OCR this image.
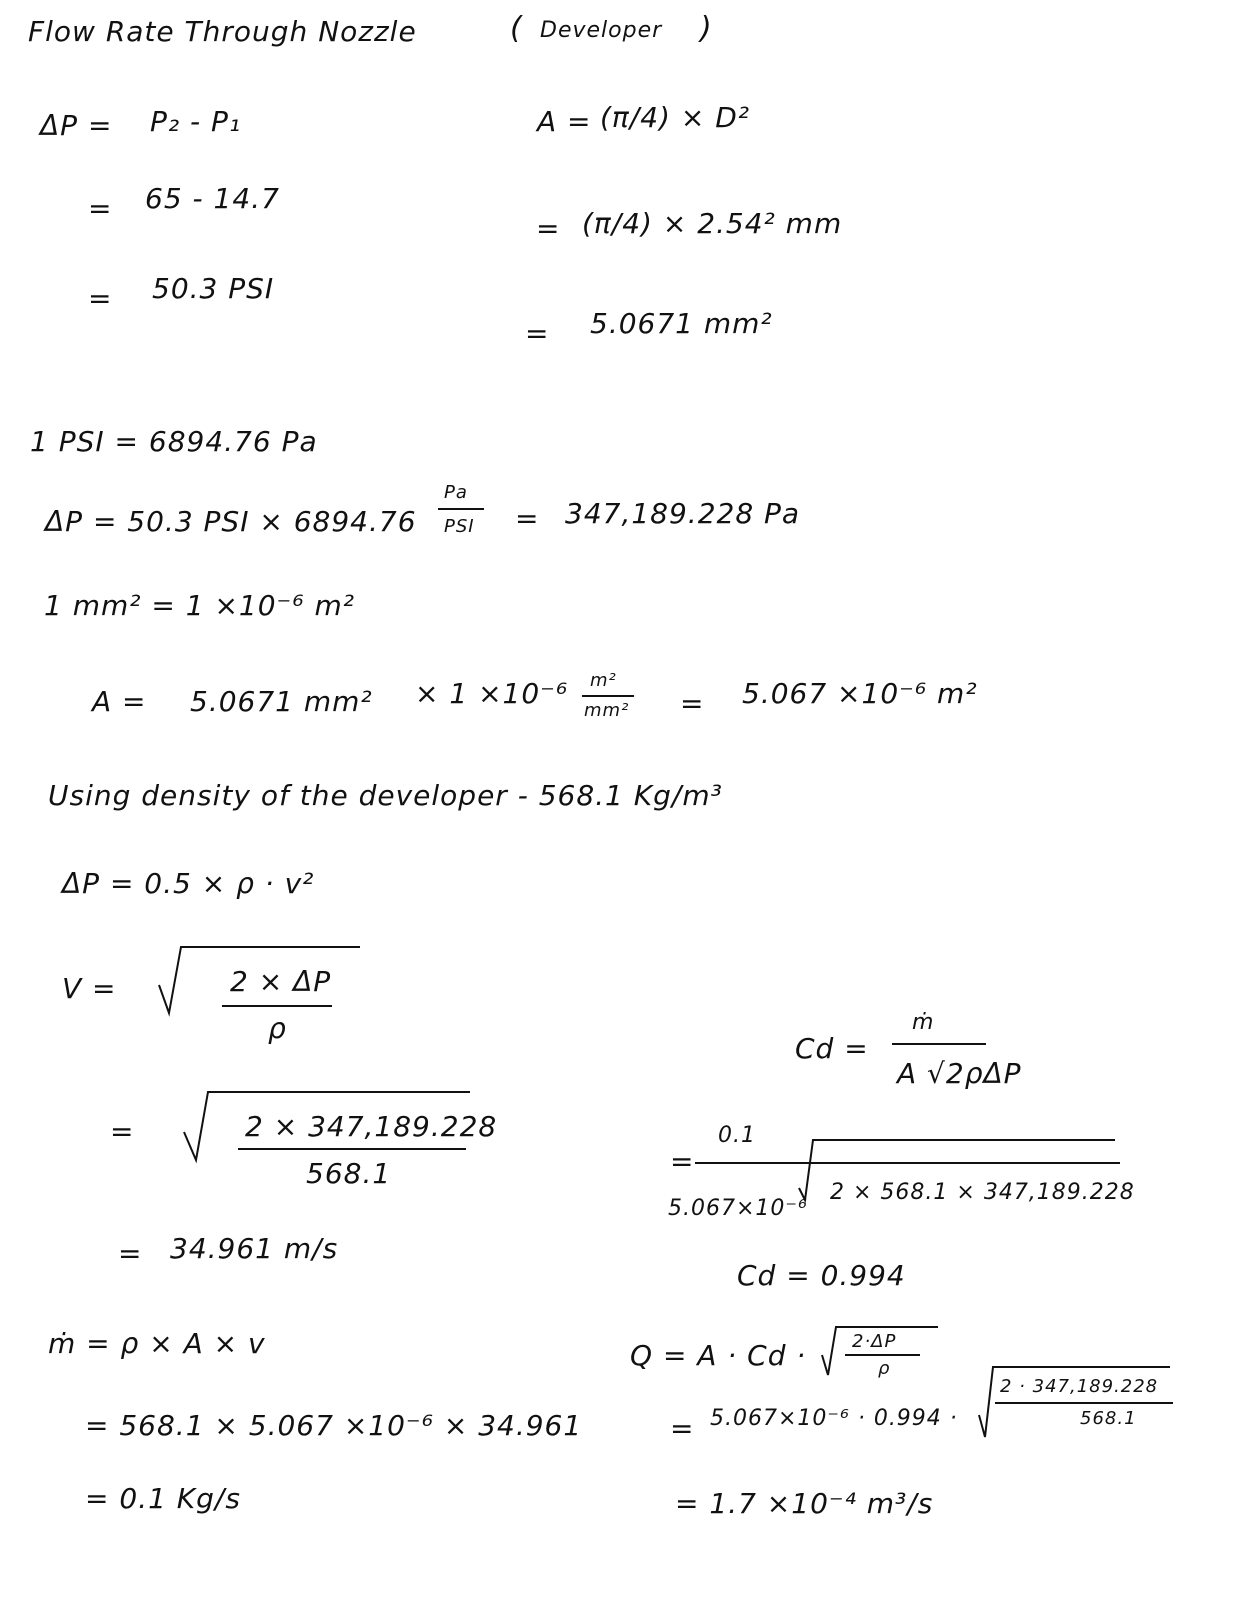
Flow Rate Through Nozzle	( Developer )
ΔP = P₂ - P₁
= 65 - 14.7
= 50.3 PSI
A = (π/4) × D²
= (π/4) × 2.54² mm
= 5.0671 mm²
1 PSI = 6894.76 Pa
ΔP = 50.3 PSI × 6894.76
Pa
PSI = 347,189.228 Pa
1 mm² = 1 ×10⁻⁶ m²
A = 5.0671 mm² × 1 ×10⁻⁶ m²
mm² = 5.067 ×10⁻⁶ m²
Using density of the developer - 568.1 Kg/m³
ΔP = 0.5 × ρ · v²
V =	2 × ΔP
ρ
=	2 × 347,189.228
568.1
= 34.961 m/s
ṁ = ρ × A × v
= 568.1 × 5.067 ×10⁻⁶ × 34.961
= 0.1 Kg/s
Cd =
ṁ
A √2ρΔP
=
0.1
5.067×10⁻⁶
2 × 568.1 × 347,189.228
Cd = 0.994
Q = A · Cd ·	2·ΔP
ρ
= 5.067×10⁻⁶ · 0.994 ·
2 · 347,189.228
568.1
= 1.7 ×10⁻⁴ m³/s
